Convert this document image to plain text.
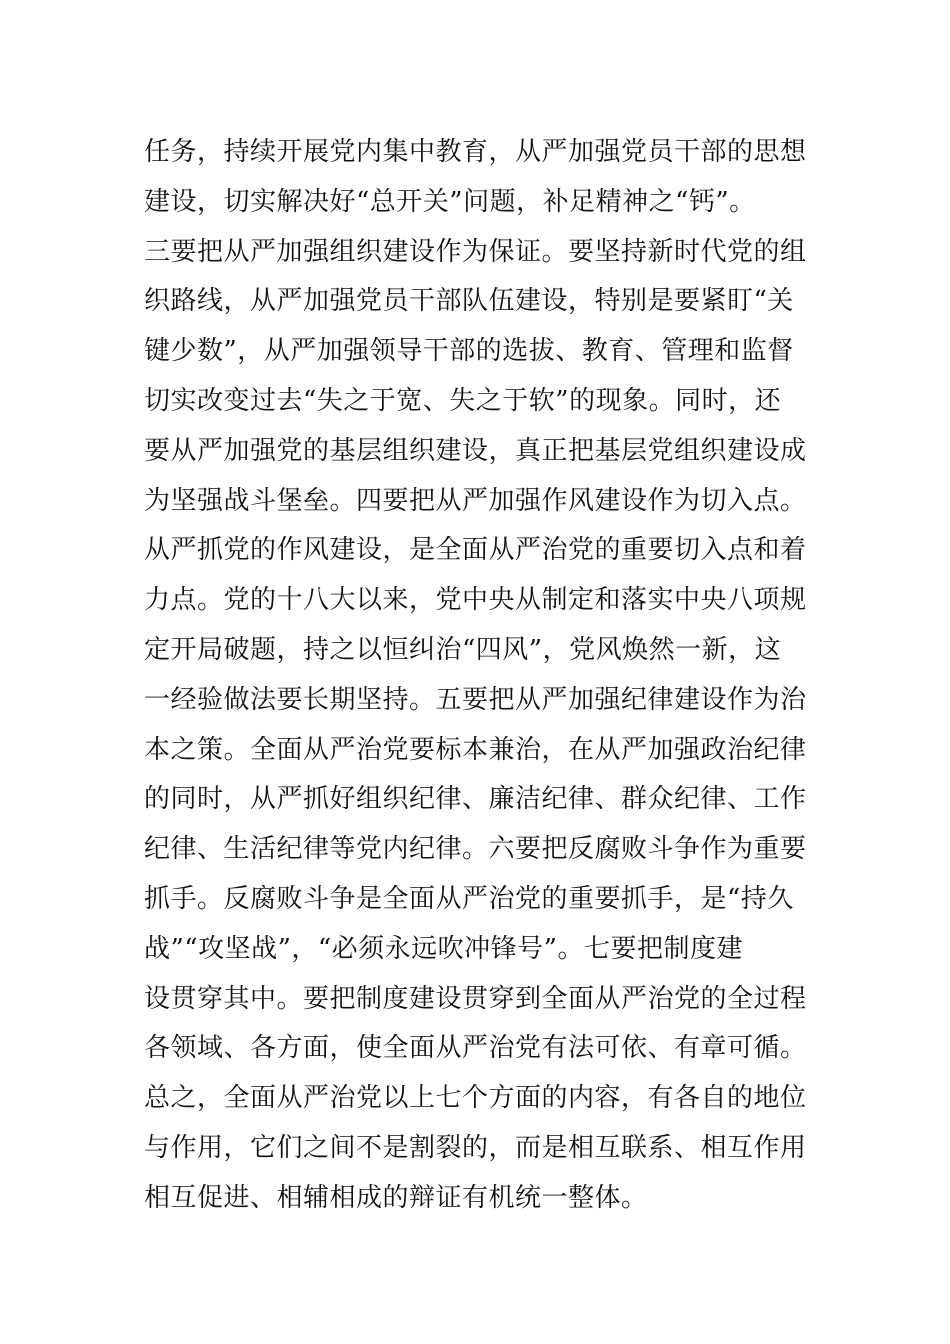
任务，持续开展党内集中教育，从严加强党员干部的思想
建设，切实解决好“总开关”问题，补足精神之“钙”。
三要把从严加强组织建设作为保证。要坚持新时代党的组
织路线，从严加强党员干部队伍建设，特别是要紧盯“关
键少数”，从严加强领导干部的选拔、教育、管理和监督
切实改变过去“失之于宽、失之于软”的现象。同时，还
要从严加强党的基层组织建设，真正把基层党组织建设成
为坚强战斗堡垒。四要把从严加强作风建设作为切入点。
从严抓党的作风建设，是全面从严治党的重要切入点和着
力点。党的十八大以来，党中央从制定和落实中央八项规
定开局破题，持之以恒纠治“四风”，党风焕然一新，这
一经验做法要长期坚持。五要把从严加强纪律建设作为治
本之策。全面从严治党要标本兼治，在从严加强政治纪律
的同时，从严抓好组织纪律、廉洁纪律、群众纪律、工作
纪律、生活纪律等党内纪律。六要把反腐败斗争作为重要
抓手。反腐败斗争是全面从严治党的重要抓手，是“持久
战”“攻坚战”，“必须永远吹冲锋号”。七要把制度建
设贯穿其中。要把制度建设贯穿到全面从严治党的全过程
各领域、各方面，使全面从严治党有法可依、有章可循。
总之，全面从严治党以上七个方面的内容，有各自的地位
与作用，它们之间不是割裂的，而是相互联系、相互作用
相互促进、相辅相成的辩证有机统一整体。
